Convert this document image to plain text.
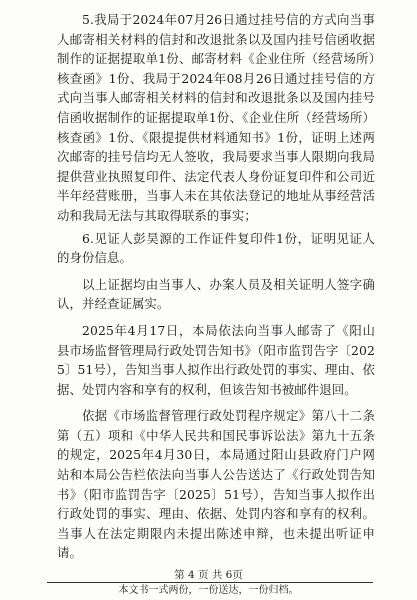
5.我局于2024年07月26日通过挂号信的方式向当事人邮寄相关材料的信封和改退批条以及国内挂号信函收据制作的证据提取单1份、邮寄材料《企业住所（经营场所）核查函》1份、我局于2024年08月26日通过挂号信的方式向当事人邮寄相关材料的信封和改退批条以及国内挂号信函收据制作的证据提取单1份、《企业住所（经营场所）核查函》1份、《限提提供材料通知书》1份，证明上述两次邮寄的挂号信均无人签收，我局要求当事人限期向我局提供营业执照复印件、法定代表人身份证复印件和公司近半年经营账册，当事人未在其依法登记的地址从事经营活动和我局无法与其取得联系的事实；

6.见证人彭昊源的工作证件复印件1份，证明见证人的身份信息。

以上证据均由当事人、办案人员及相关证明人签字确认，并经查证属实。

2025年4月17日，本局依法向当事人邮寄了《阳山县市场监督管理局行政处罚告知书》（阳市监罚告字〔2025〕51号），告知当事人拟作出行政处罚的事实、理由、依据、处罚内容和享有的权利，但该告知书被邮件退回。

依据《市场监督管理行政处罚程序规定》第八十二条第（五）项和《中华人民共和国民事诉讼法》第九十五条的规定，2025年4月30日，本局通过阳山县政府门户网站和本局公告栏依法向当事人公告送达了《行政处罚告知书》（阳市监罚告字〔2025〕51号），告知当事人拟作出行政处罚的事实、理由、依据、处罚内容和享有的权利。当事人在法定期限内未提出陈述申辩，也未提出听证申请。

第 4 页 共 6页
本文书一式两份，一份送达，一份归档。
